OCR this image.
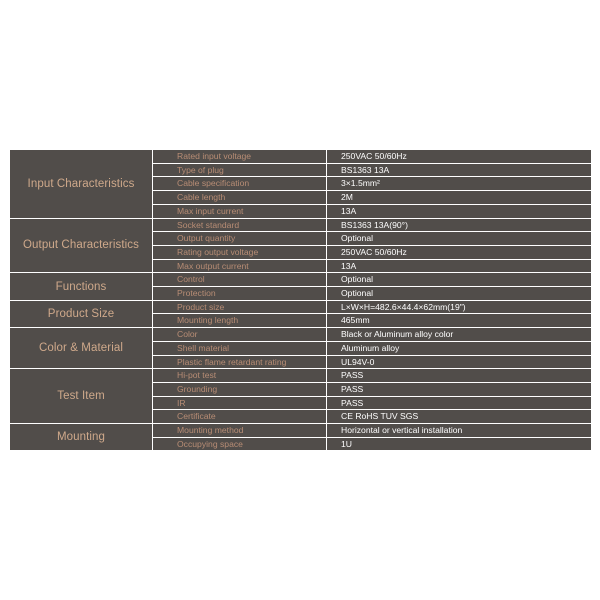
Input Characteristics	Rated input voltage	250VAC 50/60Hz
	Type of plug	BS1363 13A
	Cable specification	3×1.5mm²
	Cable length	2M
	Max input current	13A
Output Characteristics	Socket standard	BS1363 13A(90°)
	Output quantity	Optional
	Rating output voltage	250VAC 50/60Hz
	Max output current	13A
Functions	Control	Optional
	Protection	Optional
Product Size	Product size	L×W×H=482.6×44.4×62mm(19")
	Mounting length	465mm
Color & Material	Color	Black or Aluminum alloy color
	Shell material	Aluminum alloy
	Plastic flame retardant rating	UL94V-0
Test Item	Hi-pot test	PASS
	Grounding	PASS
	IR	PASS
	Certificate	CE RoHS TUV SGS
Mounting	Mounting method	Horizontal or vertical installation
	Occupying space	1U
